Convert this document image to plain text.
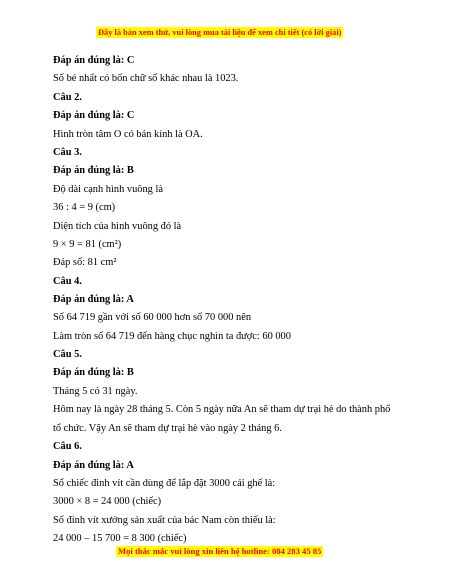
Đây là bản xem thử, vui lòng mua tài liệu để xem chi tiết (có lời giải)
Đáp án đúng là: C
Số bé nhất có bốn chữ số khác nhau là 1023.
Câu 2.
Đáp án đúng là: C
Hình tròn tâm O có bán kính là OA.
Câu 3.
Đáp án đúng là: B
Độ dài cạnh hình vuông là
36 : 4 = 9 (cm)
Diện tích của hình vuông đó là
9 × 9 = 81 (cm²)
Đáp số: 81 cm²
Câu 4.
Đáp án đúng là: A
Số 64 719 gần với số 60 000 hơn số 70 000 nên
Làm tròn số 64 719 đến hàng chục nghìn ta được: 60 000
Câu 5.
Đáp án đúng là: B
Tháng 5 có 31 ngày.
Hôm nay là ngày 28 tháng 5. Còn 5 ngày nữa An sẽ tham dự trại hè do thành phố
tổ chức. Vậy An sẽ tham dự trại hè vào ngày 2 tháng 6.
Câu 6.
Đáp án đúng là: A
Số chiếc đinh vít cần dùng để lắp đặt 3000 cái ghế là:
3000 × 8 = 24 000 (chiếc)
Số đinh vít xưởng sản xuất của bác Nam còn thiếu là:
24 000 – 15 700 = 8 300 (chiếc)
Mọi thắc mắc vui lòng xin liên hệ hotline: 084 283 45 85
